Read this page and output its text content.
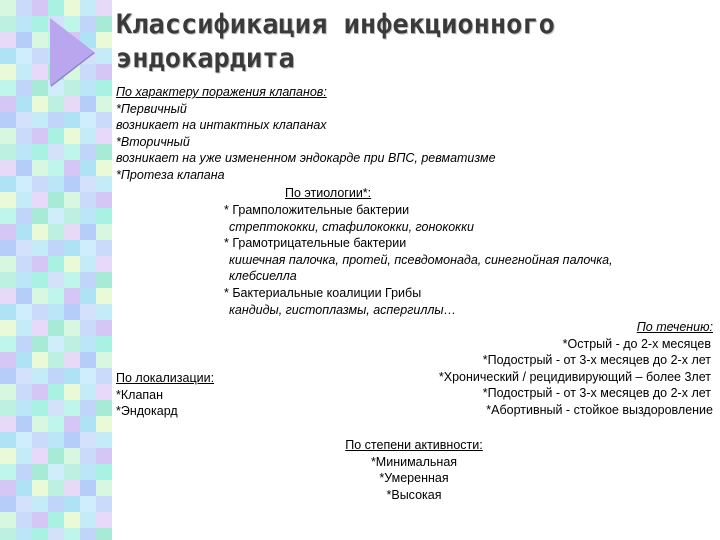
Классификация инфекционного эндокардита
По характеру поражения клапанов:
*Первичный
возникает на интактных клапанах
*Вторичный
возникает на уже измененном эндокарде при ВПС, ревматизме
*Протеза клапана
По этиологии*:
* Грамположительные бактерии
стрептококки, стафилококки, гонококки
* Грамотрицательные бактерии
кишечная палочка, протей, псевдомонада, синегнойная палочка,
клебсиелла
* Бактериальные коалиции Грибы
кандиды, гистоплазмы, аспергиллы…
По течению:
*Острый - до 2-х месяцев
*Подострый - от 3-х месяцев до 2-х лет
*Хронический / рецидивирующий – более 3лет
*Подострый - от 3-х месяцев до 2-х лет
*Абортивный - стойкое выздоровление
По локализации:
*Клапан
*Эндокард
По степени активности:
*Минимальная
*Умеренная
*Высокая
